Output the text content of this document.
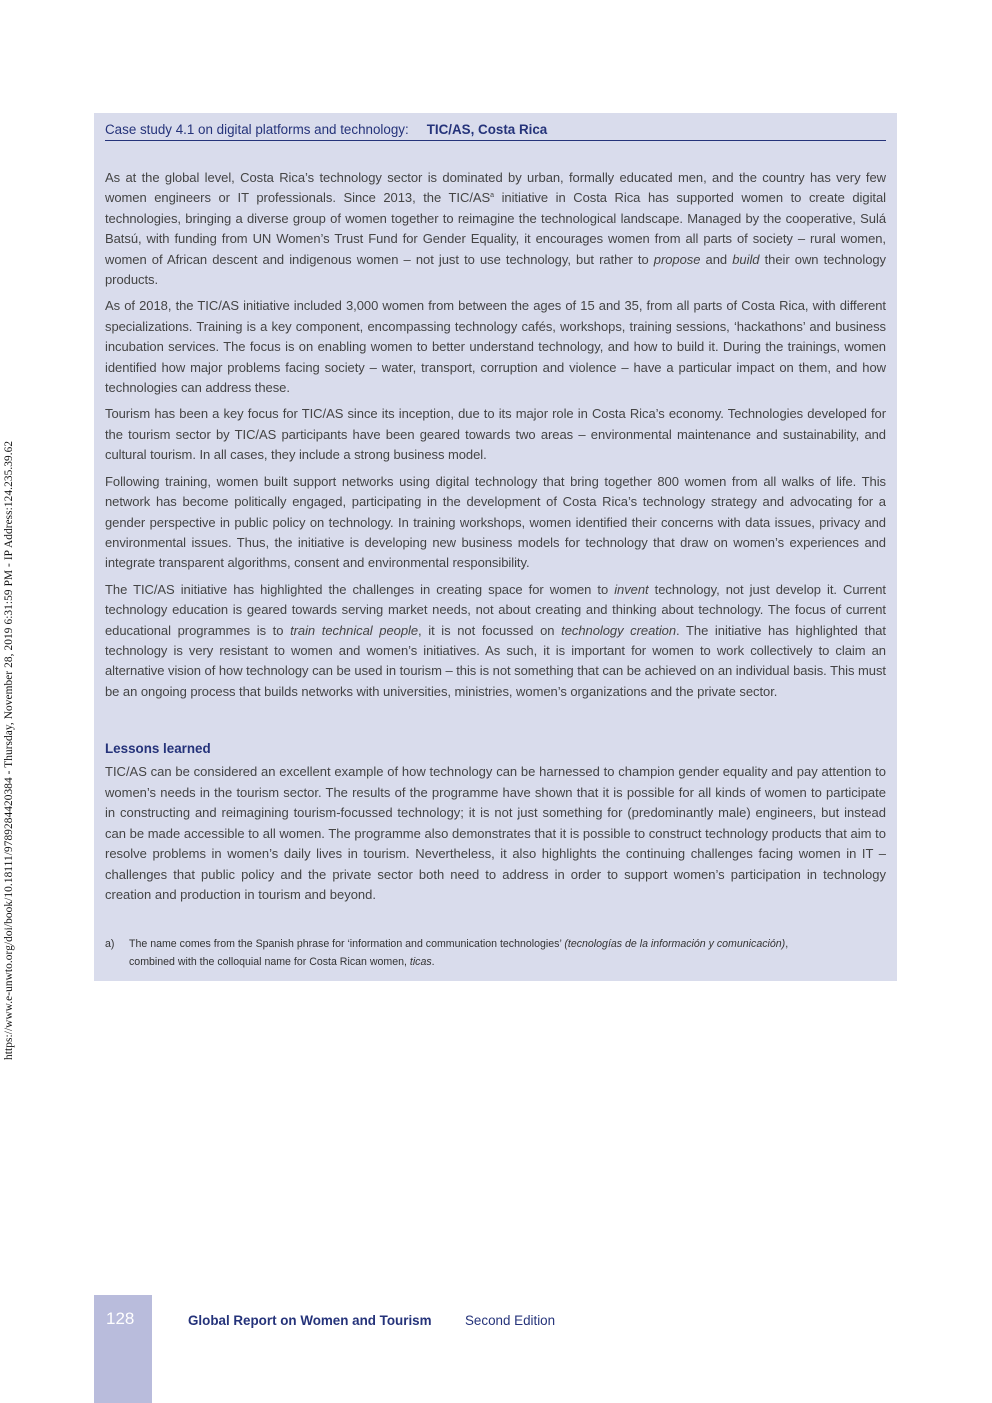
https://www.e-unwto.org/doi/book/10.18111/9789284420384 - Thursday, November 28, 2019 6:31:59 PM - IP Address:124.235.39.62
Case study 4.1 on digital platforms and technology: TIC/AS, Costa Rica

As at the global level, Costa Rica’s technology sector is dominated by urban, formally educated men, and the country has very few women engineers or IT professionals. Since 2013, the TIC/$AS^a$ initiative in Costa Rica has supported women to create digital technologies, bringing a diverse group of women together to reimagine the technological landscape. Managed by the cooperative, Sulá Batsú, with funding from UN Women’s Trust Fund for Gender Equality, it encourages women from all parts of society – rural women, women of African descent and indigenous women – not just to use technology, but rather to propose and build their own technology products.

As of 2018, the TIC/AS initiative included 3,000 women from between the ages of 15 and 35, from all parts of Costa Rica, with different specializations. Training is a key component, encompassing technology cafés, workshops, training sessions, ‘hackathons’ and business incubation services. The focus is on enabling women to better understand technology, and how to build it. During the trainings, women identified how major problems facing society – water, transport, corruption and violence – have a particular impact on them, and how technologies can address these.

Tourism has been a key focus for TIC/AS since its inception, due to its major role in Costa Rica’s economy. Technologies developed for the tourism sector by TIC/AS participants have been geared towards two areas – environmental maintenance and sustainability, and cultural tourism. In all cases, they include a strong business model.

Following training, women built support networks using digital technology that bring together 800 women from all walks of life. This network has become politically engaged, participating in the development of Costa Rica’s technology strategy and advocating for a gender perspective in public policy on technology. In training workshops, women identified their concerns with data issues, privacy and environmental issues. Thus, the initiative is developing new business models for technology that draw on women’s experiences and integrate transparent algorithms, consent and environmental responsibility.

The TIC/AS initiative has highlighted the challenges in creating space for women to invent technology, not just develop it. Current technology education is geared towards serving market needs, not about creating and thinking about technology. The focus of current educational programmes is to train technical people, it is not focussed on technology creation. The initiative has highlighted that technology is very resistant to women and women’s initiatives. As such, it is important for women to work collectively to claim an alternative vision of how technology can be used in tourism – this is not something that can be achieved on an individual basis. This must be an ongoing process that builds networks with universities, ministries, women’s organizations and the private sector.

Lessons learned

TIC/AS can be considered an excellent example of how technology can be harnessed to champion gender equality and pay attention to women’s needs in the tourism sector. The results of the programme have shown that it is possible for all kinds of women to participate in constructing and reimagining tourism-focussed technology; it is not just something for (predominantly male) engineers, but instead can be made accessible to all women. The programme also demonstrates that it is possible to construct technology products that aim to resolve problems in women’s daily lives in tourism. Nevertheless, it also highlights the continuing challenges facing women in IT – challenges that public policy and the private sector both need to address in order to support women’s participation in technology creation and production in tourism and beyond.

a)	The name comes from the Spanish phrase for ‘information and communication technologies’ (tecnologías de la información y comunicación),
combined with the colloquial name for Costa Rican women, ticas.
128	Global Report on Women and Tourism Second Edition
